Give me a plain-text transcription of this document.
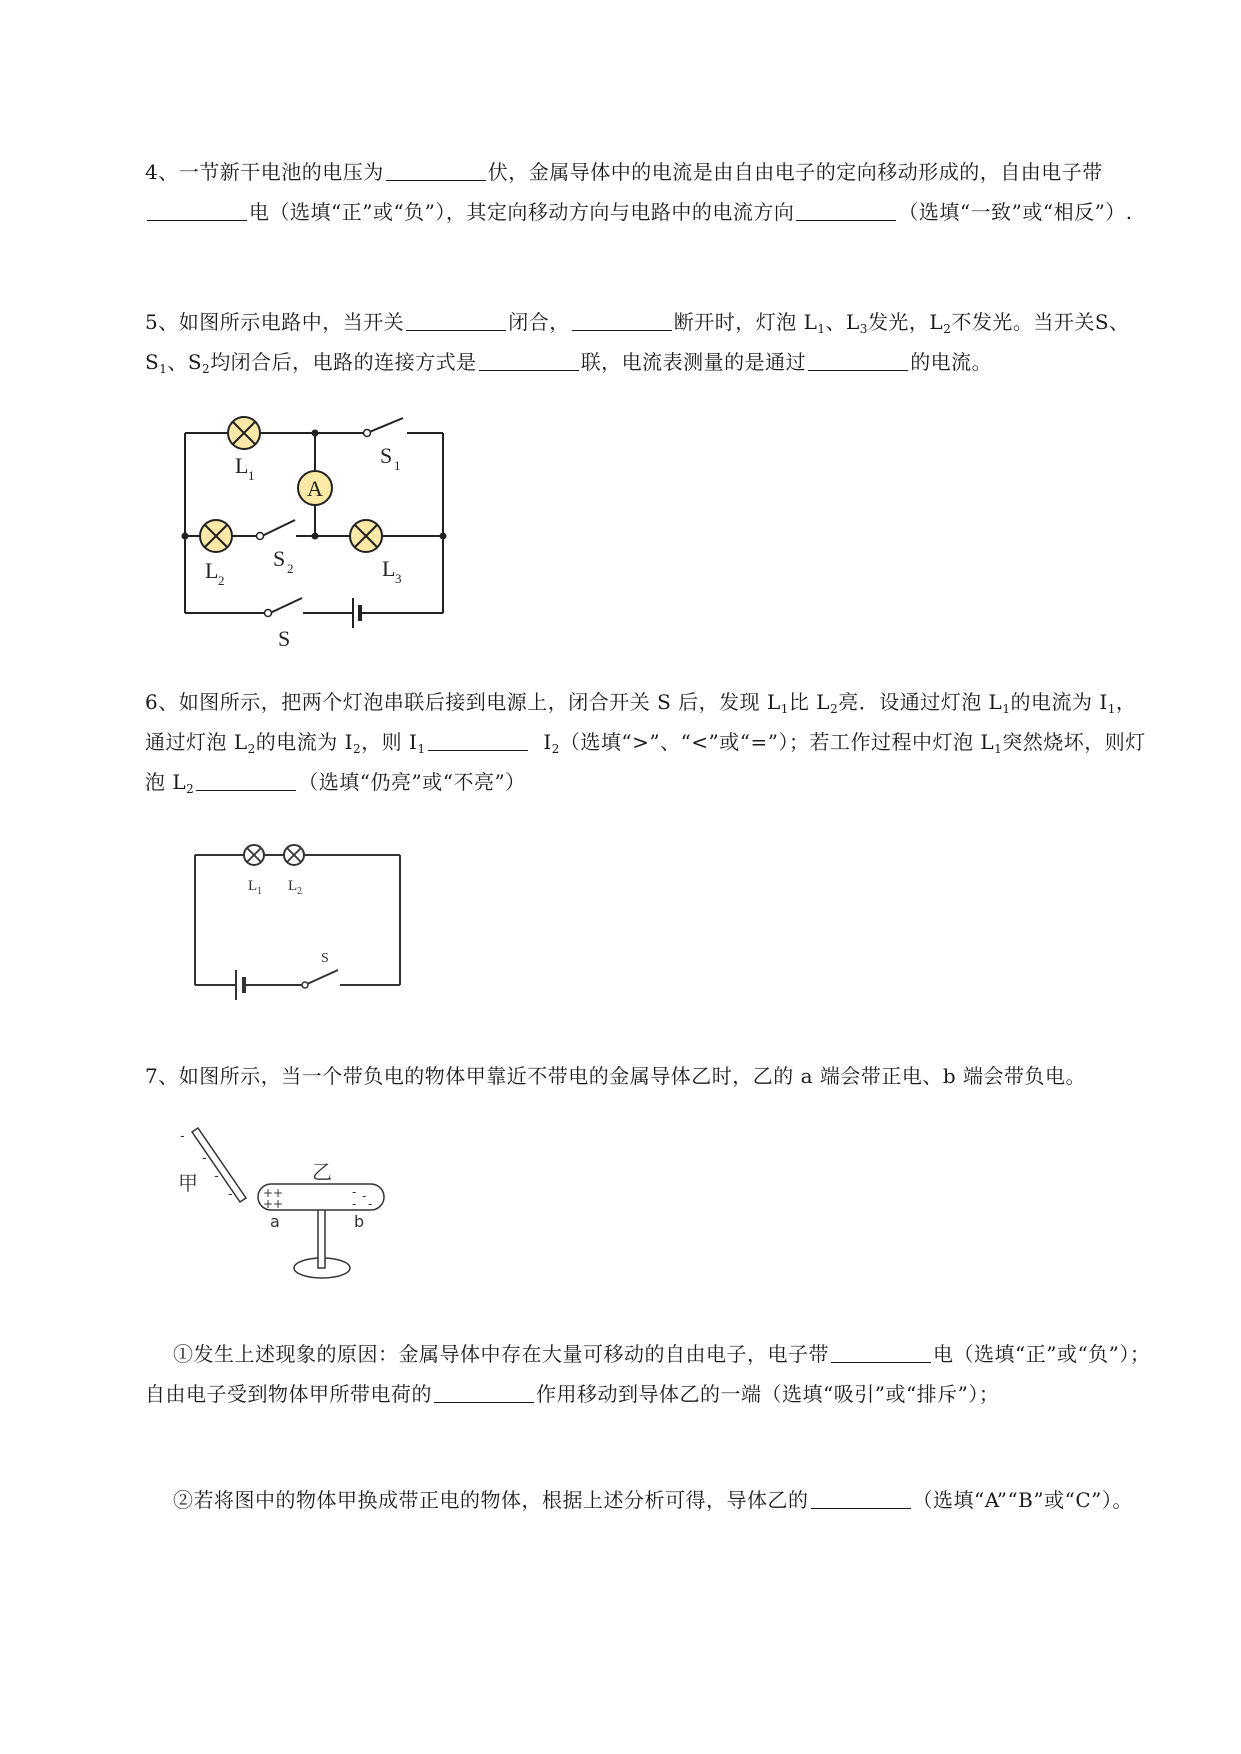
4、一节新干电池的电压为	伏，金属导体中的电流是由自由电子的定向移动形成的，自由电子带电（选填“正”或“负”），其定向移动方向与电路中的电流方向	（选填“一致”或“相反”）.

5、如图所示电路中，当开关	闭合，	断开时，灯泡 $L_1$、$L_3$发光，$L_2$不发光。当开关S、$S_1$、$S_2$均闭合后，电路的连接方式是	联，电流表测量的是通过	的电流。

A
L 1
L 2	L 3
S 1
S 2
S

6、如图所示，把两个灯泡串联后接到电源上，闭合开关 S 后，发现 $L_1$比 $L_2$亮．设通过灯泡 $L_1$的电流为 $I_1$，通过灯泡 $L_2$的电流为 $I_2$，则 $I_1$	$I_2$（选填“>”、“<”或“=”）；若工作过程中灯泡 $L_1$突然烧坏，则灯泡 $L_2$	（选填“仍亮”或“不亮”）

L 1 L 2
S

7、如图所示，当一个带负电的物体甲靠近不带电的金属导体乙时，乙的 a 端会带正电、b 端会带负电。

-
-
-
-	+ +
+ +
- -
- -
甲	乙
a	b

①发生上述现象的原因：金属导体中存在大量可移动的自由电子，电子带	电（选填“正”或“负”）；自由电子受到物体甲所带电荷的	作用移动到导体乙的一端（选填“吸引”或“排斥”）；

②若将图中的物体甲换成带正电的物体，根据上述分析可得，导体乙的	（选填“A”“B”或“C”）。
